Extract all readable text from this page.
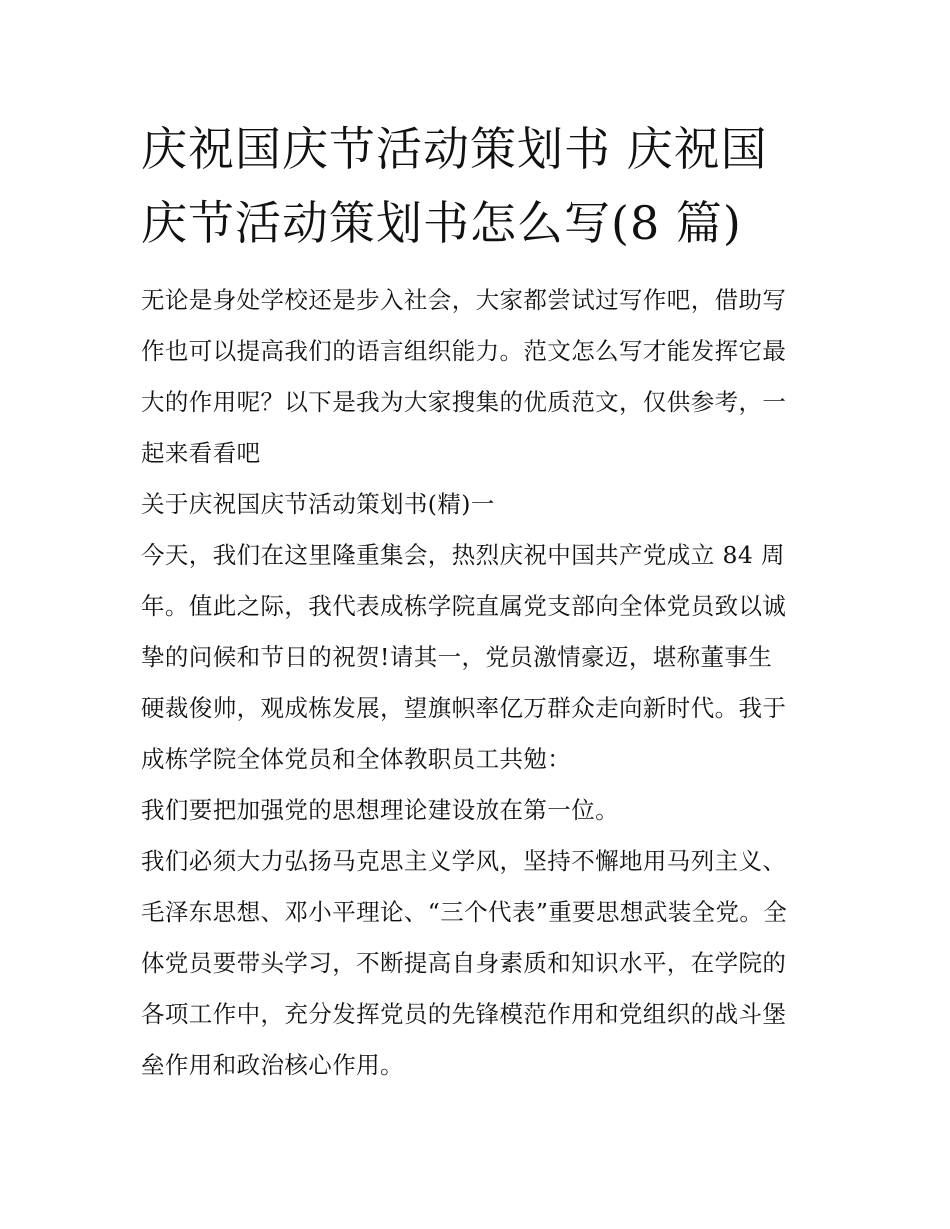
庆祝国庆节活动策划书 庆祝国
庆节活动策划书怎么写(8 篇)

无论是身处学校还是步入社会，大家都尝试过写作吧，借助写
作也可以提高我们的语言组织能力。范文怎么写才能发挥它最
大的作用呢？以下是我为大家搜集的优质范文，仅供参考，一
起来看看吧

关于庆祝国庆节活动策划书(精)一

今天，我们在这里隆重集会，热烈庆祝中国共产党成立 84 周
年。值此之际，我代表成栋学院直属党支部向全体党员致以诚
挚的问候和节日的祝贺!请其一，党员激情豪迈，堪称董事生
硬裁俊帅，观成栋发展，望旗帜率亿万群众走向新时代。我于
成栋学院全体党员和全体教职员工共勉：

我们要把加强党的思想理论建设放在第一位。

我们必须大力弘扬马克思主义学风，坚持不懈地用马列主义、
毛泽东思想、邓小平理论、“三个代表”重要思想武装全党。全
体党员要带头学习，不断提高自身素质和知识水平，在学院的
各项工作中，充分发挥党员的先锋模范作用和党组织的战斗堡
垒作用和政治核心作用。
